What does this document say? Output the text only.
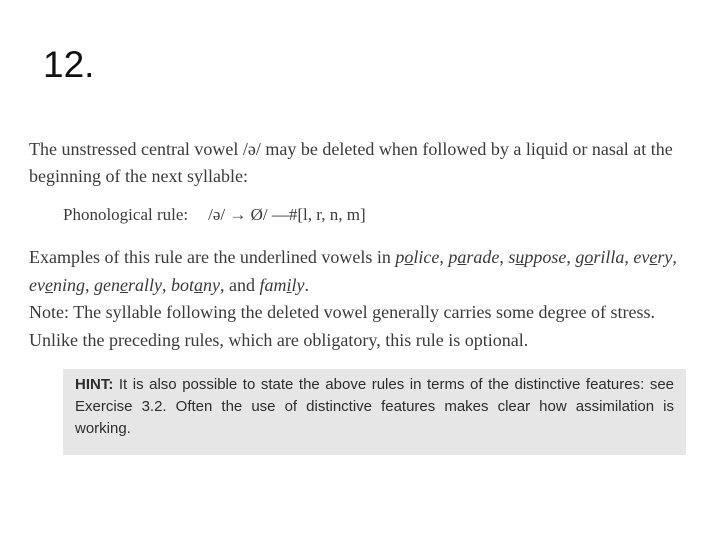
12.

The unstressed central vowel /ə/ may be deleted when followed by a liquid or nasal at the beginning of the next syllable:

Phonological rule: /ə/ → Ø/ —#[l, r, n, m]

Examples of this rule are the underlined vowels in police, parade, suppose, gorilla, every, evening, generally, botany, and family.
Note: The syllable following the deleted vowel generally carries some degree of stress. Unlike the preceding rules, which are obligatory, this rule is optional.

HINT: It is also possible to state the above rules in terms of the distinctive features: see Exercise 3.2. Often the use of distinctive features makes clear how assimilation is working.
